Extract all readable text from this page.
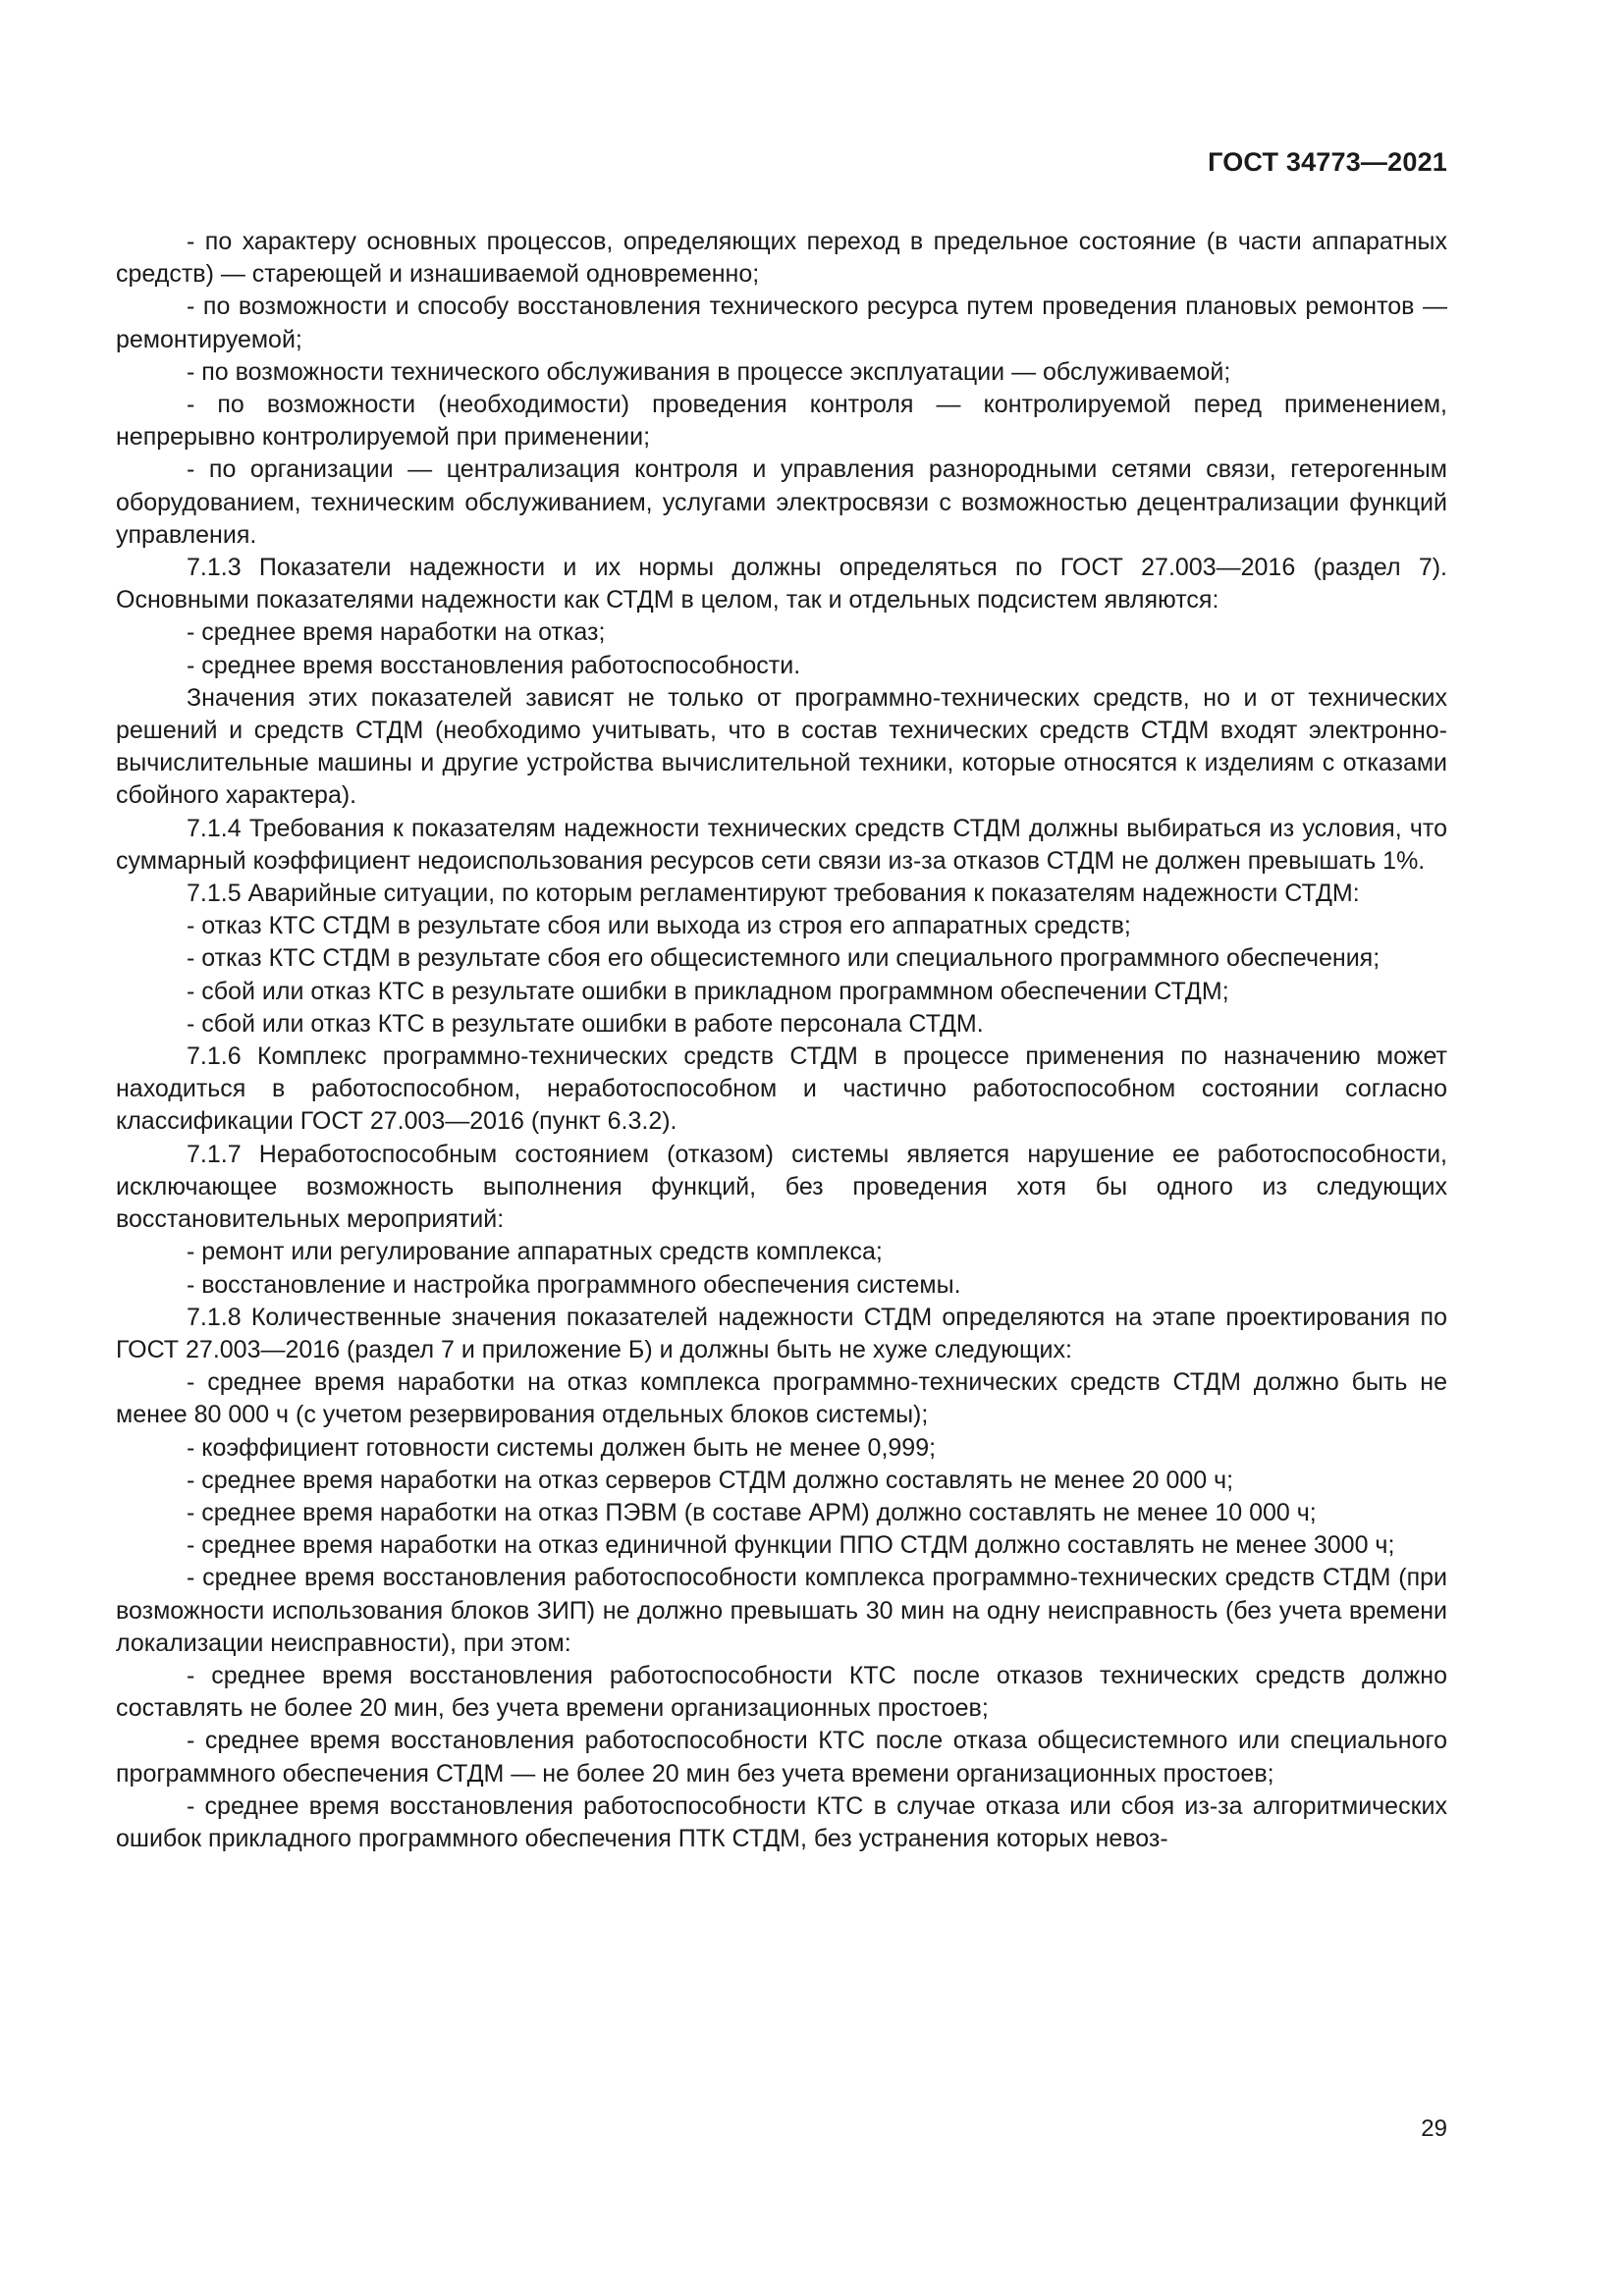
ГОСТ 34773—2021

- по характеру основных процессов, определяющих переход в предельное состояние (в части аппаратных средств) — стареющей и изнашиваемой одновременно;

- по возможности и способу восстановления технического ресурса путем проведения плановых ремонтов — ремонтируемой;

- по возможности технического обслуживания в процессе эксплуатации — обслуживаемой;

- по возможности (необходимости) проведения контроля — контролируемой перед применением, непрерывно контролируемой при применении;

- по организации — централизация контроля и управления разнородными сетями связи, гетерогенным оборудованием, техническим обслуживанием, услугами электросвязи с возможностью децентрализации функций управления.

7.1.3 Показатели надежности и их нормы должны определяться по ГОСТ 27.003—2016 (раздел 7). Основными показателями надежности как СТДМ в целом, так и отдельных подсистем являются:

- среднее время наработки на отказ;

- среднее время восстановления работоспособности.

Значения этих показателей зависят не только от программно-технических средств, но и от технических решений и средств СТДМ (необходимо учитывать, что в состав технических средств СТДМ входят электронно-вычислительные машины и другие устройства вычислительной техники, которые относятся к изделиям с отказами сбойного характера).

7.1.4 Требования к показателям надежности технических средств СТДМ должны выбираться из условия, что суммарный коэффициент недоиспользования ресурсов сети связи из-за отказов СТДМ не должен превышать 1%.

7.1.5 Аварийные ситуации, по которым регламентируют требования к показателям надежности СТДМ:

- отказ КТС СТДМ в результате сбоя или выхода из строя его аппаратных средств;

- отказ КТС СТДМ в результате сбоя его общесистемного или специального программного обеспечения;

- сбой или отказ КТС в результате ошибки в прикладном программном обеспечении СТДМ;

- сбой или отказ КТС в результате ошибки в работе персонала СТДМ.

7.1.6 Комплекс программно-технических средств СТДМ в процессе применения по назначению может находиться в работоспособном, неработоспособном и частично работоспособном состоянии согласно классификации ГОСТ 27.003—2016 (пункт 6.3.2).

7.1.7 Неработоспособным состоянием (отказом) системы является нарушение ее работоспособности, исключающее возможность выполнения функций, без проведения хотя бы одного из следующих восстановительных мероприятий:

- ремонт или регулирование аппаратных средств комплекса;

- восстановление и настройка программного обеспечения системы.

7.1.8 Количественные значения показателей надежности СТДМ определяются на этапе проектирования по ГОСТ 27.003—2016 (раздел 7 и приложение Б) и должны быть не хуже следующих:

- среднее время наработки на отказ комплекса программно-технических средств СТДМ должно быть не менее 80 000 ч (с учетом резервирования отдельных блоков системы);

- коэффициент готовности системы должен быть не менее 0,999;

- среднее время наработки на отказ серверов СТДМ должно составлять не менее 20 000 ч;

- среднее время наработки на отказ ПЭВМ (в составе АРМ) должно составлять не менее 10 000 ч;

- среднее время наработки на отказ единичной функции ППО СТДМ должно составлять не менее 3000 ч;

- среднее время восстановления работоспособности комплекса программно-технических средств СТДМ (при возможности использования блоков ЗИП) не должно превышать 30 мин на одну неисправность (без учета времени локализации неисправности), при этом:

- среднее время восстановления работоспособности КТС после отказов технических средств должно составлять не более 20 мин, без учета времени организационных простоев;

- среднее время восстановления работоспособности КТС после отказа общесистемного или специального программного обеспечения СТДМ — не более 20 мин без учета времени организационных простоев;

- среднее время восстановления работоспособности КТС в случае отказа или сбоя из-за алгоритмических ошибок прикладного программного обеспечения ПТК СТДМ, без устранения которых невоз-

29
